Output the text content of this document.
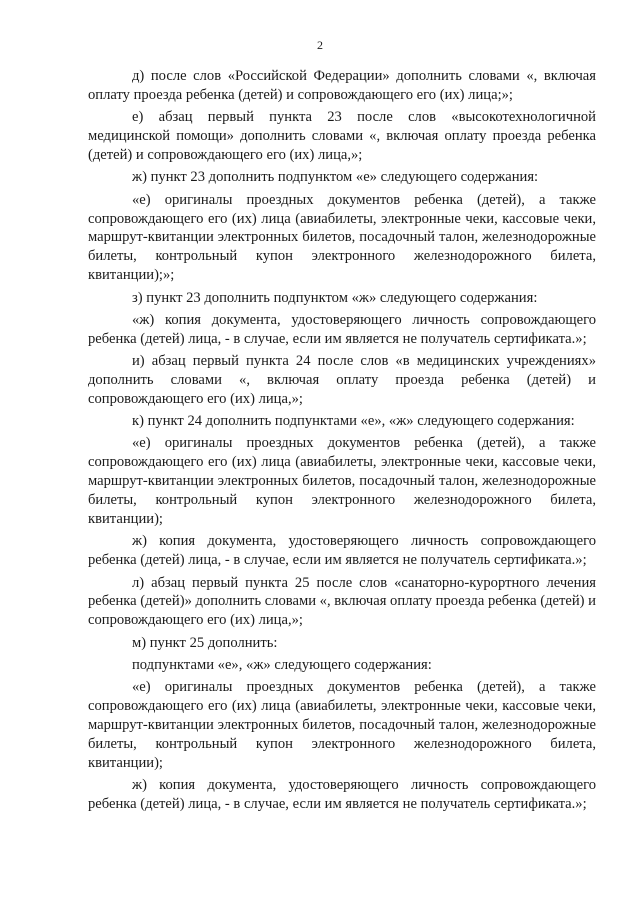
2

д) после слов «Российской Федерации» дополнить словами «, включая оплату проезда ребенка (детей) и сопровождающего его (их) лица;»;

е) абзац первый пункта 23 после слов «высокотехнологичной медицинской помощи» дополнить словами «, включая оплату проезда ребенка (детей) и сопровождающего его (их) лица,»;

ж) пункт 23 дополнить подпунктом «е» следующего содержания:

«е) оригиналы проездных документов ребенка (детей), а также сопровождающего его (их) лица (авиабилеты, электронные чеки, кассовые чеки, маршрут-квитанции электронных билетов, посадочный талон, железнодорожные билеты, контрольный купон электронного железнодорожного билета, квитанции);»;

з) пункт 23 дополнить подпунктом «ж» следующего содержания:

«ж) копия документа, удостоверяющего личность сопровождающего ребенка (детей) лица, - в случае, если им является не получатель сертификата.»;

и) абзац первый пункта 24 после слов «в медицинских учреждениях» дополнить словами «, включая оплату проезда ребенка (детей) и сопровождающего его (их) лица,»;

к) пункт 24 дополнить подпунктами «е», «ж» следующего содержания:

«е) оригиналы проездных документов ребенка (детей), а также сопровождающего его (их) лица (авиабилеты, электронные чеки, кассовые чеки, маршрут-квитанции электронных билетов, посадочный талон, железнодорожные билеты, контрольный купон электронного железнодорожного билета, квитанции);

ж) копия документа, удостоверяющего личность сопровождающего ребенка (детей) лица, - в случае, если им является не получатель сертификата.»;

л) абзац первый пункта 25 после слов «санаторно-курортного лечения ребенка (детей)» дополнить словами «, включая оплату проезда ребенка (детей) и сопровождающего его (их) лица,»;

м) пункт 25 дополнить:

подпунктами «е», «ж» следующего содержания:

«е) оригиналы проездных документов ребенка (детей), а также сопровождающего его (их) лица (авиабилеты, электронные чеки, кассовые чеки, маршрут-квитанции электронных билетов, посадочный талон, железнодорожные билеты, контрольный купон электронного железнодорожного билета, квитанции);

ж) копия документа, удостоверяющего личность сопровождающего ребенка (детей) лица, - в случае, если им является не получатель сертификата.»;
